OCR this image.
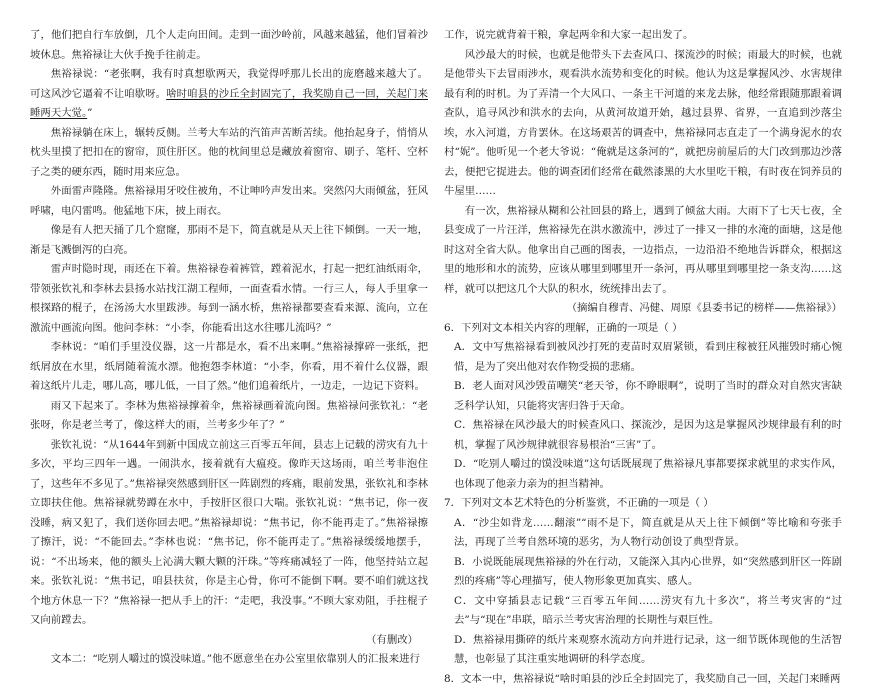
了，他们把自行车放倒，几个人走向田间。走到一面沙岭前，风越来越猛，他们冒着沙坡休息。焦裕禄让大伙手挽手往前走。

焦裕禄说：“老张啊，我有时真想歇两天，我觉得呼那儿长出的庞磨越来越大了。可这风沙它逼着不让咱歇呀。啥时咱县的沙丘全封固完了，我奖励自己一回，关起门来睡两天大觉。”

焦裕禄躺在床上，辗转反侧。兰考大车站的汽笛声苦断苦续。他抬起身子，悄悄从枕头里摸了把扣在的窗帘，顶住肝区。他的枕间里总是藏放着窗帘、刷子、笔杆、空杯子之类的硬东西，随时用来应急。

外面雷声隆隆。焦裕禄用牙咬住被角，不让呻吟声发出来。突然闪大雨倾盆，狂风呼啸，电闪雷鸣。他猛地下床，披上雨衣。

像是有人把天捅了几个窟窿，那雨不是下，简直就是从天上往下倾倒。一天一地，渐是飞溅倒泻的白亮。

雷声时隐时现，雨还在下着。焦裕禄卷着裤管，蹚着泥水，打起一把红油纸雨伞，带领张钦礼和李林去县扬水站找江湖工程师，一面查看水情。一行三人，每人手里拿一根探路的棍子，在汤汤大水里跋涉。每到一涵水桥，焦裕禄都要查看来源、流向，立在激流中画流向图。他问李林：“小李，你能看出这水往哪儿流吗？”

李林说：“咱们手里没仪器，这一片都是水，看不出来啊。”焦裕禄撑碎一张纸，把纸屑放在水里，纸屑随着流水漂。他抱怨李林道：“小李，你看，用不着什么仪器，跟着这纸片儿走，哪儿高，哪儿低，一目了然。”他们追着纸片，一边走，一边记下资料。

雨又下起来了。李林为焦裕禄撑着伞，焦裕禄画着流向图。焦裕禄问张钦礼：“老张呀，你是老兰考了，像这样大的雨，兰考多少年了？”

张钦礼说：“从1644年到新中国成立前这三百零五年间，县志上记载的涝灾有九十多次，平均三四年一遇。一闹洪水，接着就有大瘟疫。像昨天这场雨，咱兰考非泡住了，这些年不多见了。”焦裕禄突然感到肝区一阵剧烈的疼痛，眼前发黑，张钦礼和李林立即扶住他。焦裕禄就势蹲在水中，手按肝区很口大喘。张钦礼说：“焦书记，你一夜没睡，病又犯了，我们送你回去吧。”焦裕禄却说：“焦书记，你不能再走了。”焦裕禄擦了擦汗，说：“不能回去。”李林也说：“焦书记，你不能再走了。”焦裕禄缓缓地摆手，说：“不出场来，他的额头上沁满大颗大颗的汗珠。”等疼痛减轻了一阵，他坚持站立起来。张钦礼说：“焦书记，咱县扶贫，你是主心骨，你可不能倒下啊。要不咱们就这找个地方休息一下？”焦裕禄一把从手上的汗：“走吧，我没事。”不顾大家劝阻，手拄棍子又向前蹚去。

（有删改）

文本二：“吃别人嚼过的馍没味道。”他不愿意坐在办公室里依靠别人的汇报来进行

工作，说完就背着干粮，拿起两伞和大家一起出发了。

风沙最大的时候，也就是他带头下去查风口、探流沙的时候；雨最大的时候，也就是他带头下去冒雨涉水，观看洪水流势和变化的时候。他认为这是掌握风沙、水害规律最有利的时机。为了弄清一个大风口、一条主干河道的来龙去脉，他经常跟随那跟着调查队，追寻风沙和洪水的去向，从黄河故道开始，越过县界、省界，一直追到沙落尘埃，水入河道，方肯罢休。在这场艰苦的调查中，焦裕禄同志直走了一个满身泥水的农村“妮”。他听见一个老大爷说：“俺就是这条河的”，就把房前屋后的大门改到那边沙落去，便把它捉进去。他的调查团们经常在截然漆黑的大水里吃干粮，有时夜在饲养员的牛屋里……

有一次，焦裕禄从糊和公社回县的路上，遇到了倾盆大雨。大雨下了七天七夜，全县变成了一片汪洋，焦裕禄先在洪水激流中，涉过了一排又一排的水淹的面塘，这是他时这对全省大队。他拿出自己画的图表，一边指点，一边沿沿不绝地告诉群众，根据这里的地形和水的流势，应该从哪里到哪里开一条河，再从哪里到哪里挖一条支沟……这样，就可以把这几个大队的积水，统统排出去了。

（摘编自穆青、冯健、周原《县委书记的榜样——焦裕禄》）

6．下列对文本相关内容的理解，正确的一项是（ ）

A．文中写焦裕禄看到被风沙打死的麦苗时双眉紧锁，看到庄稼被狂风摧毁时痛心惋惜，是为了突出他对农作物受损的悲痛。

B．老人面对风沙毁苗嘲笑“老天爷，你不睁眼啊”，说明了当时的群众对自然灾害缺乏科学认知，只能将灾害归咎于天命。

C．焦裕禄在风沙最大的时候查风口、探流沙，是因为这是掌握风沙规律最有利的时机，掌握了风沙规律就很容易根治“三害”了。

D．“吃别人嚼过的馍没味道”这句话既展现了焦裕禄凡事都要探求就里的求实作风，也体现了他亲力亲为的担当精神。

7．下列对文本艺术特色的分析鉴赏，不正确的一项是（ ）

A．“沙尘如背龙……翻滚”“雨不是下，简直就是从天上往下倾倒”等比喻和夸张手法，再现了兰考自然环境的恶劣，为人物行动创设了典型背景。

B．小说既能展现焦裕禄的外在行动，又能深入其内心世界，如“突然感到肝区一阵剧烈的疼痛”等心理描写，使人物形象更加真实、感人。

C．文中穿插县志记载“三百零五年间……涝灾有九十多次”，将兰考灾害的“过去”与“现在”串联，暗示兰考灾害治理的长期性与艰巨性。

D．焦裕禄用撕碎的纸片来观察水流动方向并进行记录，这一细节既体现他的生活智慧，也彰显了其注重实地调研的科学态度。

8．文本一中，焦裕禄说“啥时咱县的沙丘全封固完了，我奖励自己一回，关起门来睡两
